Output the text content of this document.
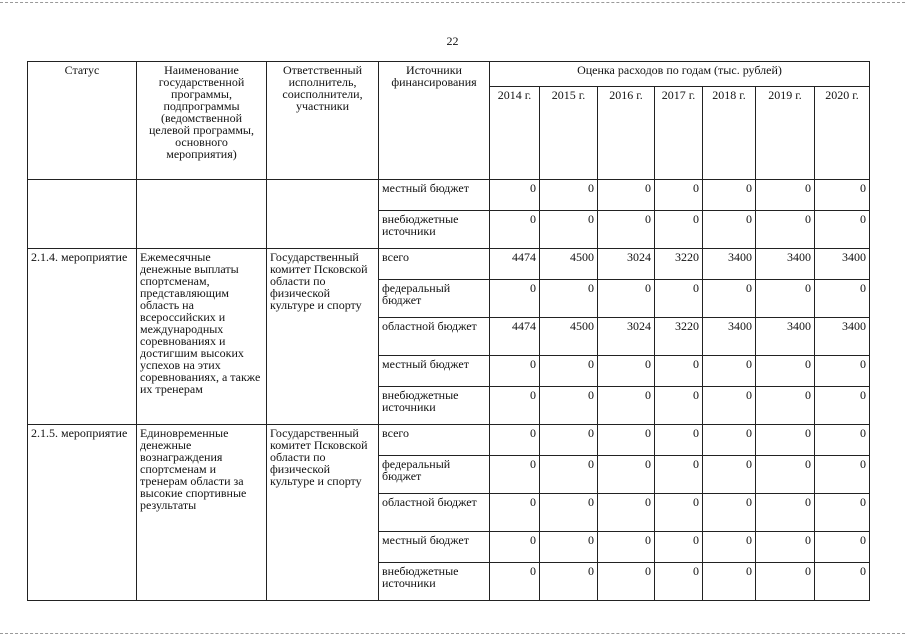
22
Статус	Наименование государственной программы, подпрограммы (ведомственной целевой программы, основного мероприятия)	Ответственный исполнитель, соисполнители, участники	Источники финансирования	Оценка расходов по годам (тыс. рублей)						
				2014 г.	2015 г.	2016 г.	2017 г.	2018 г.	2019 г.	2020 г.
			местный бюджет	0	0	0	0	0	0	0
			внебюджетные источники	0	0	0	0	0	0	0
2.1.4. мероприятие	Ежемесячные денежные выплаты спортсменам, представляющим область на всероссийских и международных соревнованиях и достигшим высоких успехов на этих соревнованиях, а также их тренерам	Государственный комитет Псковской области по физической культуре и спорту	всего	4474	4500	3024	3220	3400	3400	3400
			федеральный бюджет	0	0	0	0	0	0	0
			областной бюджет	4474	4500	3024	3220	3400	3400	3400
			местный бюджет	0	0	0	0	0	0	0
			внебюджетные источники	0	0	0	0	0	0	0
2.1.5. мероприятие	Единовременные денежные вознаграждения спортсменам и тренерам области за высокие спортивные результаты	Государственный комитет Псковской области по физической культуре и спорту	всего	0	0	0	0	0	0	0
			федеральный бюджет	0	0	0	0	0	0	0
			областной бюджет	0	0	0	0	0	0	0
			местный бюджет	0	0	0	0	0	0	0
			внебюджетные источники	0	0	0	0	0	0	0
